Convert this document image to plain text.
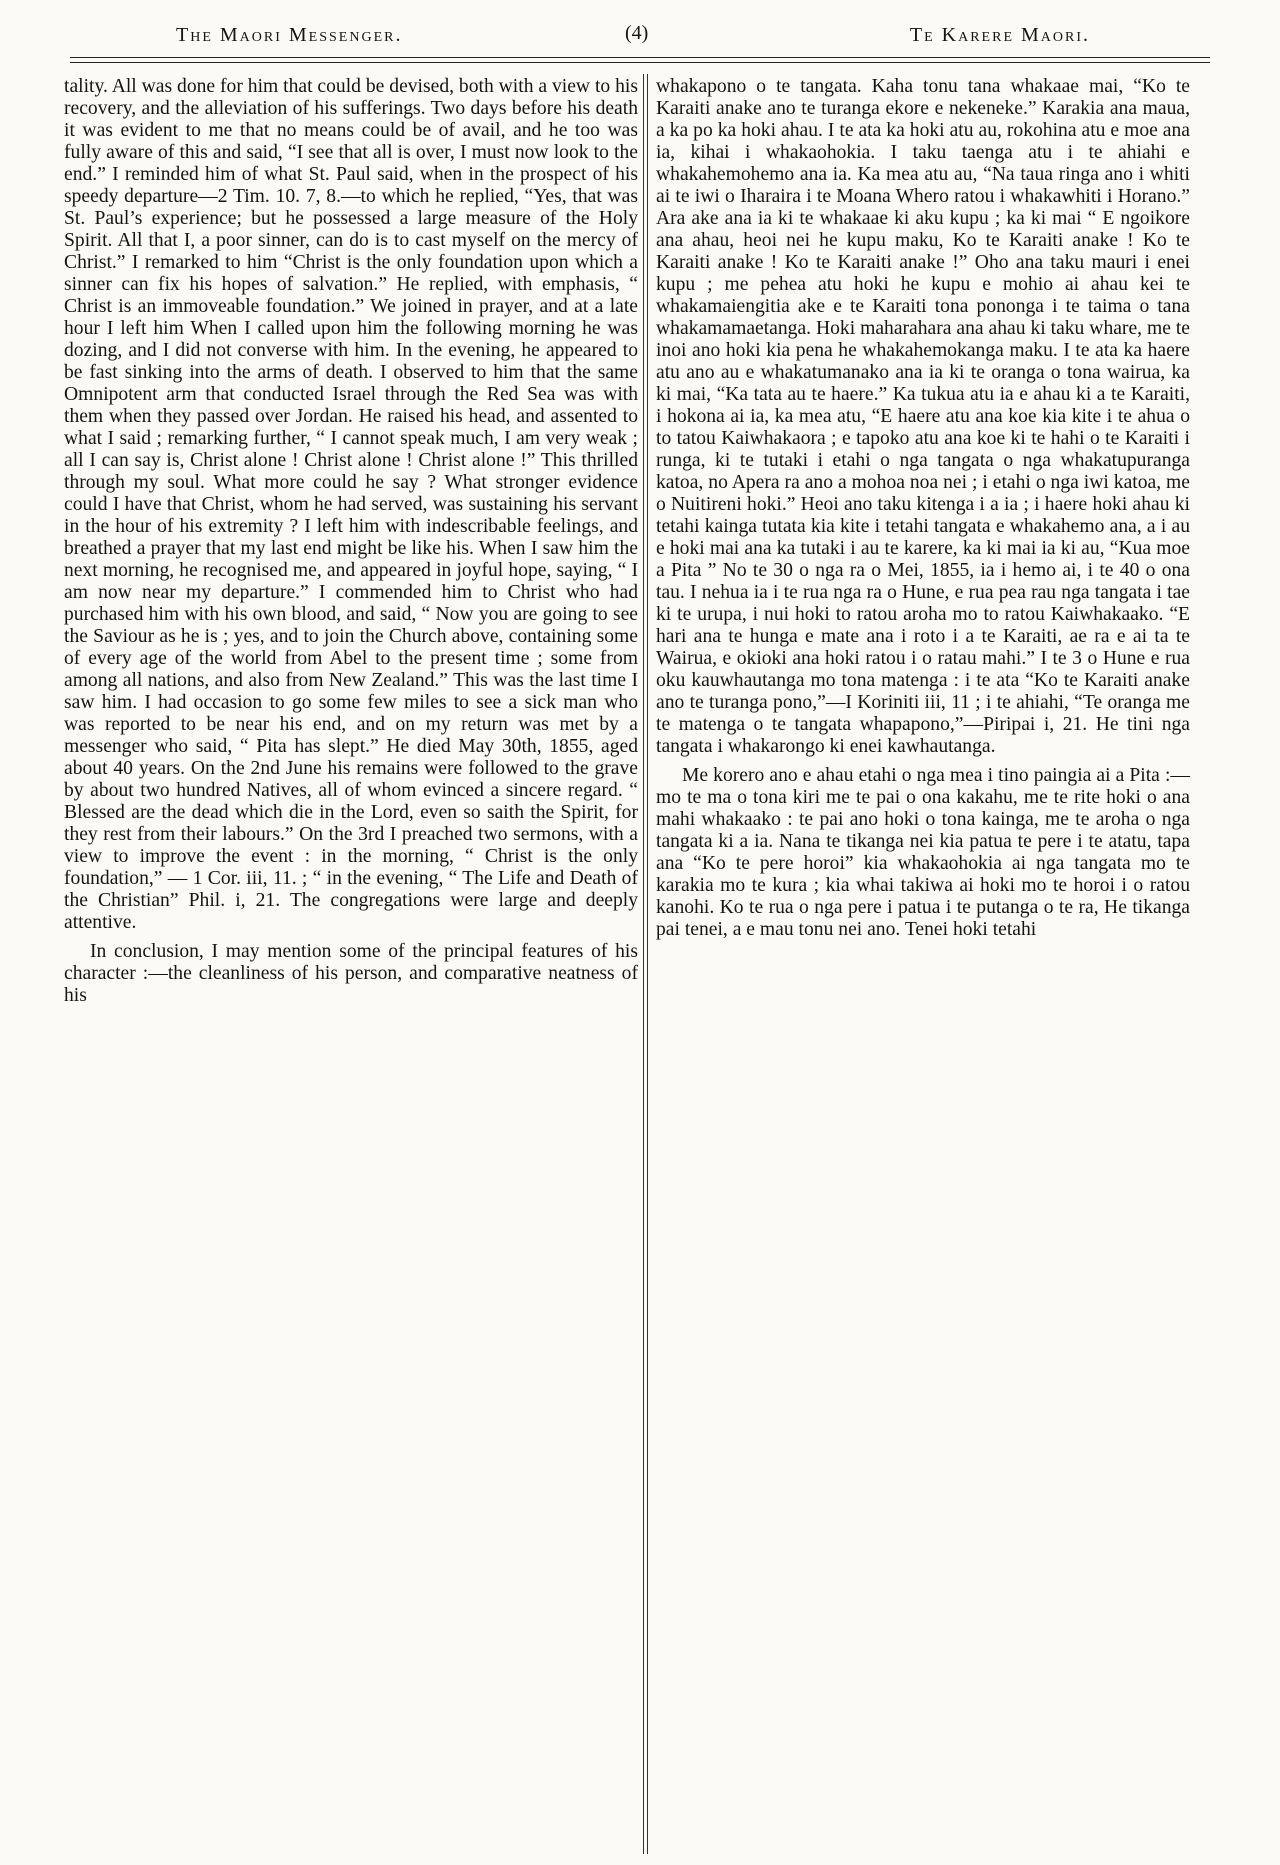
The Maori Messenger.	(4)	Te Karere Maori.

tality. All was done for him that could be devised, both with a view to his recovery, and the alleviation of his sufferings. Two days before his death it was evident to me that no means could be of avail, and he too was fully aware of this and said, “I see that all is over, I must now look to the end.” I reminded him of what St. Paul said, when in the prospect of his speedy departure—2 Tim. 10. 7, 8.—to which he replied, “Yes, that was St. Paul’s experience; but he possessed a large measure of the Holy Spirit. All that I, a poor sinner, can do is to cast myself on the mercy of Christ.” I remarked to him “Christ is the only foundation upon which a sinner can fix his hopes of salvation.” He replied, with emphasis, “ Christ is an immoveable foundation.” We joined in prayer, and at a late hour I left him When I called upon him the following morning he was dozing, and I did not converse with him. In the evening, he appeared to be fast sinking into the arms of death. I observed to him that the same Omnipotent arm that conducted Israel through the Red Sea was with them when they passed over Jordan. He raised his head, and assented to what I said ; remarking further, “ I cannot speak much, I am very weak ; all I can say is, Christ alone ! Christ alone ! Christ alone !” This thrilled through my soul. What more could he say ? What stronger evidence could I have that Christ, whom he had served, was sustaining his servant in the hour of his extremity ? I left him with indescribable feelings, and breathed a prayer that my last end might be like his. When I saw him the next morning, he recognised me, and appeared in joyful hope, saying, “ I am now near my departure.” I commended him to Christ who had purchased him with his own blood, and said, “ Now you are going to see the Saviour as he is ; yes, and to join the Church above, containing some of every age of the world from Abel to the present time ; some from among all nations, and also from New Zealand.” This was the last time I saw him. I had occasion to go some few miles to see a sick man who was reported to be near his end, and on my return was met by a messenger who said, “ Pita has slept.” He died May 30th, 1855, aged about 40 years. On the 2nd June his remains were followed to the grave by about two hundred Natives, all of whom evinced a sincere regard. “ Blessed are the dead which die in the Lord, even so saith the Spirit, for they rest from their labours.” On the 3rd I preached two sermons, with a view to improve the event : in the morning, “ Christ is the only foundation,” — 1 Cor. iii, 11. ; “ in the evening, “ The Life and Death of the Christian” Phil. i, 21. The congregations were large and deeply attentive.

In conclusion, I may mention some of the principal features of his character :—the cleanliness of his person, and comparative neatness of his

whakapono o te tangata. Kaha tonu tana whakaae mai, “Ko te Karaiti anake ano te turanga ekore e nekeneke.” Karakia ana maua, a ka po ka hoki ahau. I te ata ka hoki atu au, rokohina atu e moe ana ia, kihai i whakaohokia. I taku taenga atu i te ahiahi e whakahemohemo ana ia. Ka mea atu au, “Na taua ringa ano i whiti ai te iwi o Iharaira i te Moana Whero ratou i whakawhiti i Horano.” Ara ake ana ia ki te whakaae ki aku kupu ; ka ki mai “ E ngoikore ana ahau, heoi nei he kupu maku, Ko te Karaiti anake ! Ko te Karaiti anake ! Ko te Karaiti anake !” Oho ana taku mauri i enei kupu ; me pehea atu hoki he kupu e mohio ai ahau kei te whakamaiengitia ake e te Karaiti tona pononga i te taima o tana whakamamaetanga. Hoki maharahara ana ahau ki taku whare, me te inoi ano hoki kia pena he whakahemokanga maku. I te ata ka haere atu ano au e whakatumanako ana ia ki te oranga o tona wairua, ka ki mai, “Ka tata au te haere.” Ka tukua atu ia e ahau ki a te Karaiti, i hokona ai ia, ka mea atu, “E haere atu ana koe kia kite i te ahua o to tatou Kaiwhakaora ; e tapoko atu ana koe ki te hahi o te Karaiti i runga, ki te tutaki i etahi o nga tangata o nga whakatupuranga katoa, no Apera ra ano a mohoa noa nei ; i etahi o nga iwi katoa, me o Nuitireni hoki.” Heoi ano taku kitenga i a ia ; i haere hoki ahau ki tetahi kainga tutata kia kite i tetahi tangata e whakahemo ana, a i au e hoki mai ana ka tutaki i au te karere, ka ki mai ia ki au, “Kua moe a Pita ” No te 30 o nga ra o Mei, 1855, ia i hemo ai, i te 40 o ona tau. I nehua ia i te rua nga ra o Hune, e rua pea rau nga tangata i tae ki te urupa, i nui hoki to ratou aroha mo to ratou Kaiwhakaako. “E hari ana te hunga e mate ana i roto i a te Karaiti, ae ra e ai ta te Wairua, e okioki ana hoki ratou i o ratau mahi.” I te 3 o Hune e rua oku kauwhautanga mo tona matenga : i te ata “Ko te Karaiti anake ano te turanga pono,”—I Koriniti iii, 11 ; i te ahiahi, “Te oranga me te matenga o te tangata whapapono,”—Piripai i, 21. He tini nga tangata i whakarongo ki enei kawhautanga.

Me korero ano e ahau etahi o nga mea i tino paingia ai a Pita :—mo te ma o tona kiri me te pai o ona kakahu, me te rite hoki o ana mahi whakaako : te pai ano hoki o tona kainga, me te aroha o nga tangata ki a ia. Nana te tikanga nei kia patua te pere i te atatu, tapa ana “Ko te pere horoi” kia whakaohokia ai nga tangata mo te karakia mo te kura ; kia whai takiwa ai hoki mo te horoi i o ratou kanohi. Ko te rua o nga pere i patua i te putanga o te ra, He tikanga pai tenei, a e mau tonu nei ano. Tenei hoki tetahi
